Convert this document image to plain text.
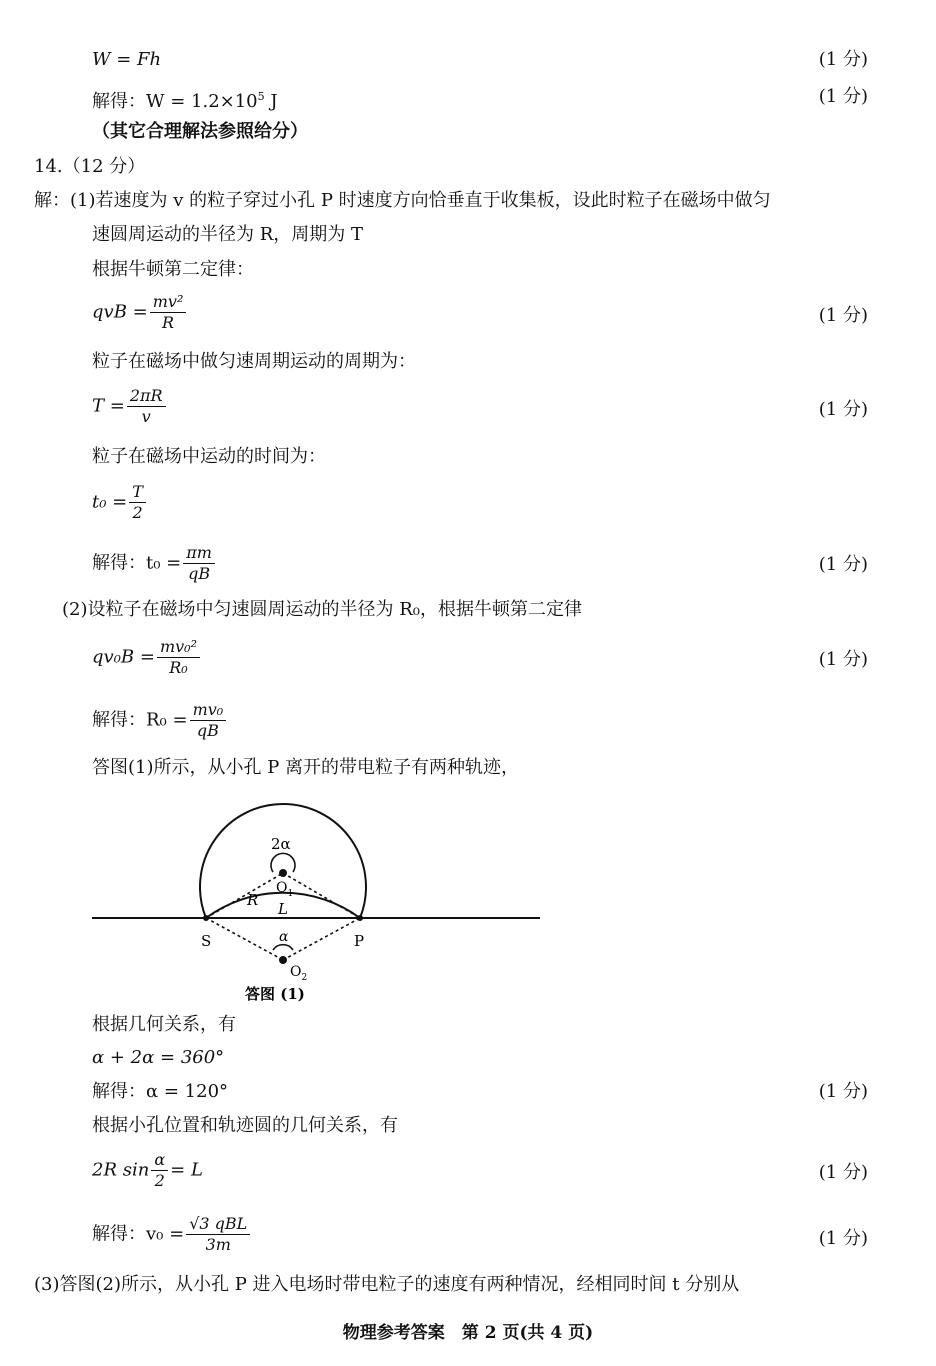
W = Fh	(1 分)
解得：$W = 1.2\times 10^5$ J	(1 分)
（其它合理解法参照给分）
14.（12 分）
解：(1)若速度为 v 的粒子穿过小孔 P 时速度方向恰垂直于收集板，设此时粒子在磁场中做匀
速圆周运动的半径为 R，周期为 T
根据牛顿第二定律：
qvB = $\frac{\text{mv²}}{R}$	(1 分)
粒子在磁场中做匀速周期运动的周期为：
$T = \frac{2\pi R}{v}$	(1 分)
粒子在磁场中运动的时间为：
$t_0 = \frac{T}{2}$
解得：$t_0 = \frac{\pi m}{qB}$	(1 分)
(2)设粒子在磁场中匀速圆周运动的半径为 R₀，根据牛顿第二定律
$qv_0B = \frac{\text{mv₀²}}{\text{R₀}}$	(1 分)
解得：$R_0 = \frac{\text{mv₀}}{qB}$
答图(1)所示，从小孔 P 离开的带电粒子有两种轨迹，
2α
$O_1$
R L
S	P
α
$O_2$
答图 (1)
根据几何关系，有
α + 2α = 360°
解得：α = 120°	(1 分)
根据小孔位置和轨迹圆的几何关系，有
2R $\sin \frac{\alpha}{2} = L$	(1 分)
解得：$v_0 = \frac{\text{√3 qBL}}{3m}$	(1 分)
(3)答图(2)所示，从小孔 P 进入电场时带电粒子的速度有两种情况，经相同时间 t 分别从
物理参考答案　第 2 页(共 4 页)
